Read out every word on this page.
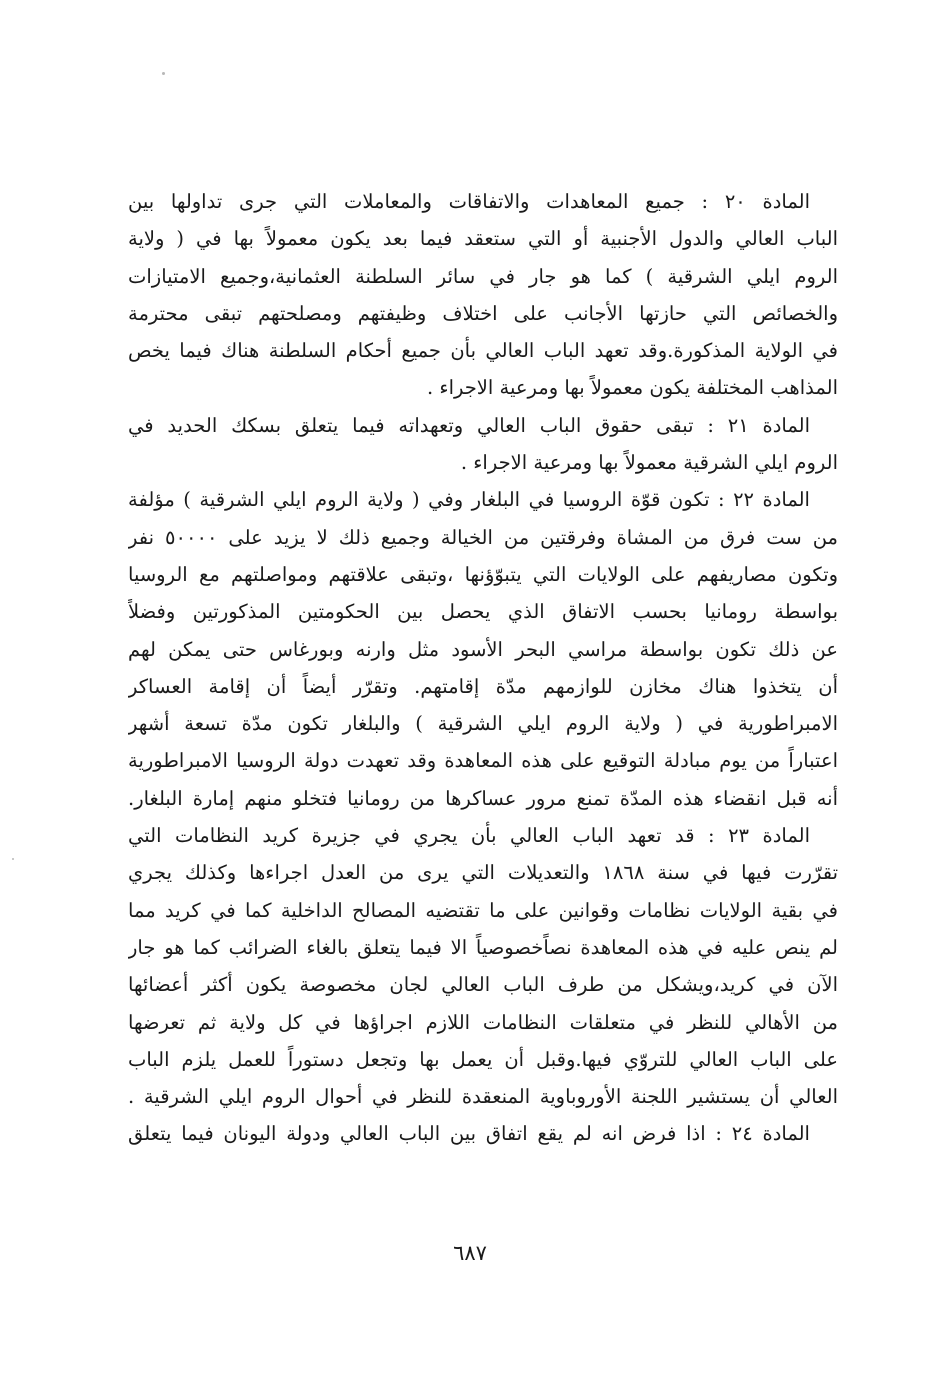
المادة ٢٠ : جميع المعاهدات والاتفاقات والمعاملات التي جرى تداولها بين
الباب العالي والدول الأجنبية أو التي ستعقد فيما بعد يكون معمولاً بها في ( ولاية
الروم ايلي الشرقية ) كما هو جار في سائر السلطنة العثمانية،وجميع الامتيازات
والخصائص التي حازتها الأجانب على اختلاف وظيفتهم ومصلحتهم تبقى محترمة
في الولاية المذكورة.وقد تعهد الباب العالي بأن جميع أحكام السلطنة هناك فيما يخص
المذاهب المختلفة يكون معمولاً بها ومرعية الاجراء .
المادة ٢١ : تبقى حقوق الباب العالي وتعهداته فيما يتعلق بسكك الحديد في
الروم ايلي الشرقية معمولاً بها ومرعية الاجراء .
المادة ٢٢ : تكون قوّة الروسيا في البلغار وفي ( ولاية الروم ايلي الشرقية ) مؤلفة
من ست فرق من المشاة وفرقتين من الخيالة وجميع ذلك لا يزيد على ٥٠٠٠٠ نفر
وتكون مصاريفهم على الولايات التي يتبوّؤنها ،وتبقى علاقتهم ومواصلتهم مع الروسيا
بواسطة رومانيا بحسب الاتفاق الذي يحصل بين الحكومتين المذكورتين وفضلاً
عن ذلك تكون بواسطة مراسي البحر الأسود مثل وارنه وبورغاس حتى يمكن لهم
أن يتخذوا هناك مخازن للوازمهم مدّة إقامتهم. وتقرّر أيضاً أن إقامة العساكر
الامبراطورية في ( ولاية الروم ايلي الشرقية ) والبلغار تكون مدّة تسعة أشهر
اعتباراً من يوم مبادلة التوقيع على هذه المعاهدة وقد تعهدت دولة الروسيا الامبراطورية
أنه قبل انقضاء هذه المدّة تمنع مرور عساكرها من رومانيا فتخلو منهم إمارة البلغار.
المادة ٢٣ : قد تعهد الباب العالي بأن يجري في جزيرة كريد النظامات التي
تقرّرت فيها في سنة ١٨٦٨ والتعديلات التي يرى من العدل اجراءها وكذلك يجري
في بقية الولايات نظامات وقوانين على ما تقتضيه المصالح الداخلية كما في كريد مما
لم ينص عليه في هذه المعاهدة نصاًخصوصياً الا فيما يتعلق بالغاء الضرائب كما هو جار
الآن في كريد،ويشكل من طرف الباب العالي لجان مخصوصة يكون أكثر أعضائها
من الأهالي للنظر في متعلقات النظامات اللازم اجراؤها في كل ولاية ثم تعرضها
على الباب العالي للتروّي فيها.وقبل أن يعمل بها وتجعل دستوراً للعمل يلزم الباب
العالي أن يستشير اللجنة الأوروباوية المنعقدة للنظر في أحوال الروم ايلي الشرقية .
المادة ٢٤ : اذا فرض انه لم يقع اتفاق بين الباب العالي ودولة اليونان فيما يتعلق
٦٨٧
